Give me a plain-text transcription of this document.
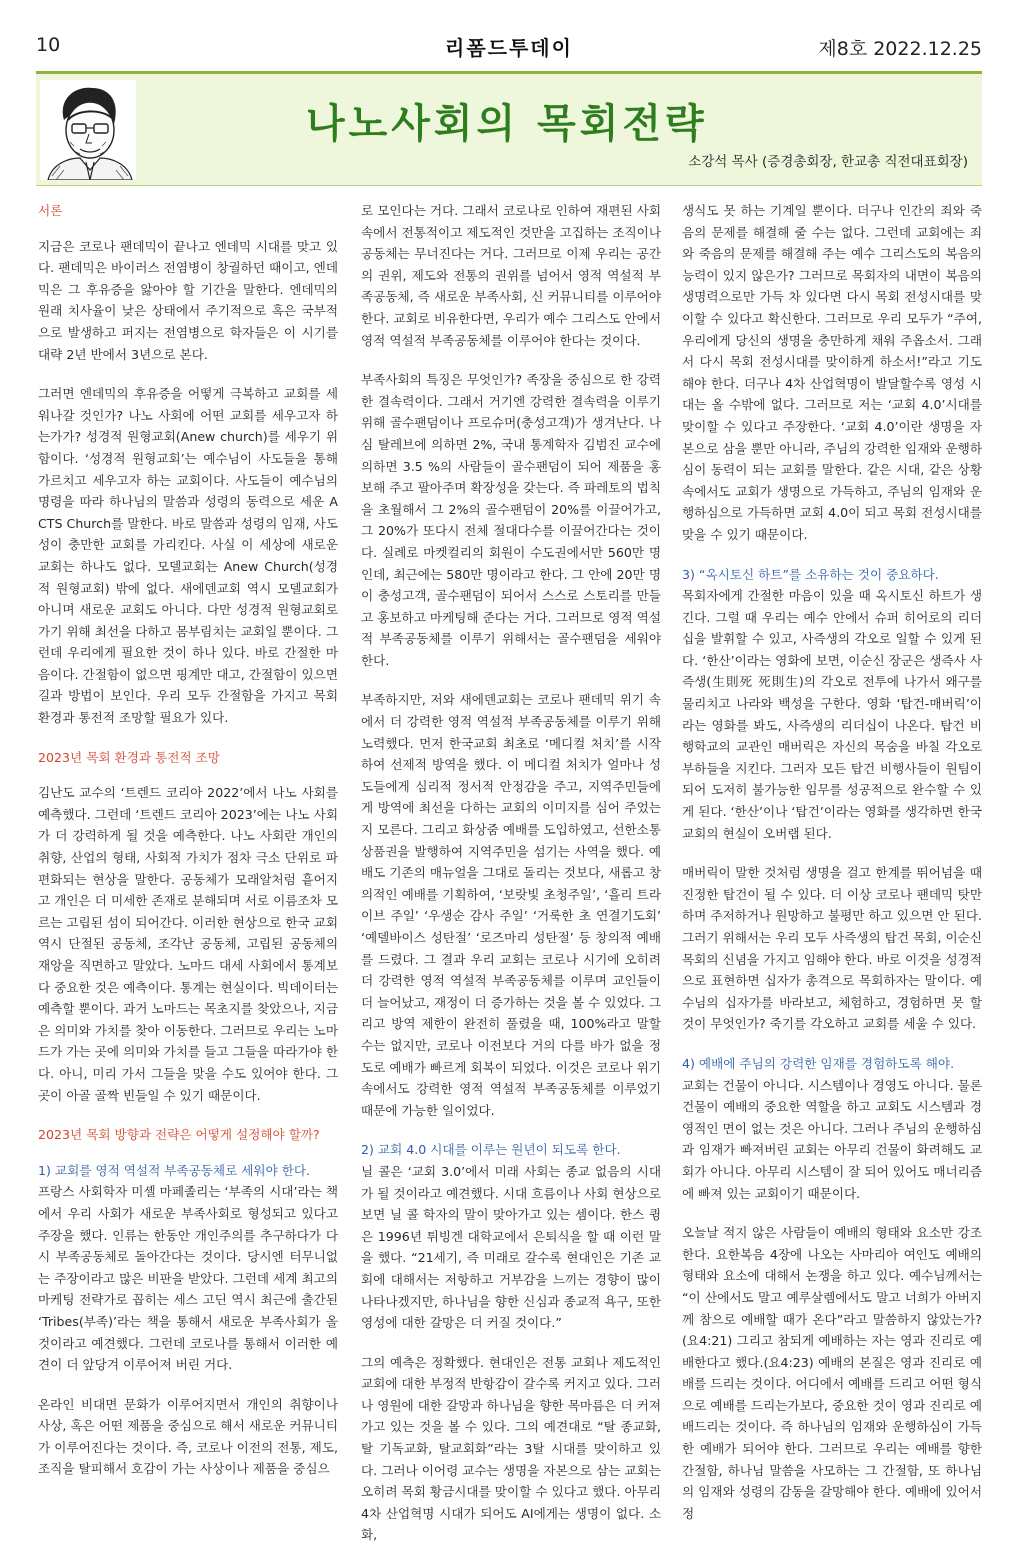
10	리폼드투데이	제8호 2022.12.25
나노사회의 목회전략
소강석 목사 (증경총회장, 한교총 직전대표회장)

서론

지금은 코로나 팬데믹이 끝나고 엔데믹 시대를 맞고 있다. 팬데믹은 바이러스 전염병이 창궐하던 때이고, 엔데믹은 그 후유증을 앓아야 할 기간을 말한다. 엔데믹의 원래 치사율이 낮은 상태에서 주기적으로 혹은 국부적으로 발생하고 퍼지는 전염병으로 학자들은 이 시기를 대략 2년 반에서 3년으로 본다.

그러면 엔데믹의 후유증을 어떻게 극복하고 교회를 세워나갈 것인가? 나노 사회에 어떤 교회를 세우고자 하는가가? 성경적 원형교회(Anew church)를 세우기 위함이다. ‘성경적 원형교회’는 예수님이 사도들을 통해 가르치고 세우고자 하는 교회이다. 사도들이 예수님의 명령을 따라 하나님의 말씀과 성령의 동력으로 세운 ACTS Church를 말한다. 바로 말씀과 성령의 임재, 사도성이 충만한 교회를 가리킨다. 사실 이 세상에 새로운 교회는 하나도 없다. 모델교회는 Anew Church(성경적 원형교회) 밖에 없다. 새에덴교회 역시 모델교회가 아니며 새로운 교회도 아니다. 다만 성경적 원형교회로 가기 위해 최선을 다하고 몸부림치는 교회일 뿐이다. 그런데 우리에게 필요한 것이 하나 있다. 바로 간절한 마음이다. 간절함이 없으면 핑계만 대고, 간절함이 있으면 길과 방법이 보인다. 우리 모두 간절함을 가지고 목회 환경과 통전적 조망할 필요가 있다.

2023년 목회 환경과 통전적 조망

김난도 교수의 ‘트렌드 코리아 2022’에서 나노 사회를 예측했다. 그런데 ‘트렌드 코리아 2023’에는 나노 사회가 더 강력하게 될 것을 예측한다. 나노 사회란 개인의 취향, 산업의 형태, 사회적 가치가 점차 극소 단위로 파편화되는 현상을 말한다. 공동체가 모래알처럼 흩어지고 개인은 더 미세한 존재로 분해되며 서로 이름조차 모르는 고립된 섬이 되어간다. 이러한 현상으로 한국 교회 역시 단절된 공동체, 조각난 공동체, 고립된 공동체의 재앙을 직면하고 말았다. 노마드 대세 사회에서 통계보다 중요한 것은 예측이다. 통계는 현실이다. 빅데이터는 예측할 뿐이다. 과거 노마드는 목초지를 찾았으나, 지금은 의미와 가치를 찾아 이동한다. 그러므로 우리는 노마드가 가는 곳에 의미와 가치를 들고 그들을 따라가야 한다. 아니, 미리 가서 그들을 맞을 수도 있어야 한다. 그곳이 아골 골짝 빈들일 수 있기 때문이다.

2023년 목회 방향과 전략은 어떻게 설정해야 할까?

1) 교회를 영적 역설적 부족공동체로 세워야 한다.

프랑스 사회학자 미셸 마페졸리는 ‘부족의 시대’라는 책에서 우리 사회가 새로운 부족사회로 형성되고 있다고 주장을 했다. 인류는 한동안 개인주의를 추구하다가 다시 부족공동체로 돌아간다는 것이다. 당시엔 터무니없는 주장이라고 많은 비판을 받았다. 그런데 세계 최고의 마케팅 전략가로 꼽히는 세스 고딘 역시 최근에 출간된 ‘Tribes(부족)’라는 책을 통해서 새로운 부족사회가 올 것이라고 예견했다. 그런데 코로나를 통해서 이러한 예견이 더 앞당겨 이루어져 버린 거다.

온라인 비대면 문화가 이루어지면서 개인의 취향이나 사상, 혹은 어떤 제품을 중심으로 해서 새로운 커뮤니티가 이루어진다는 것이다. 즉, 코로나 이전의 전통, 제도, 조직을 탈피해서 호감이 가는 사상이나 제품을 중심으

로 모인다는 거다. 그래서 코로나로 인하여 재편된 사회 속에서 전통적이고 제도적인 것만을 고집하는 조직이나 공동체는 무너진다는 거다. 그러므로 이제 우리는 공간의 권위, 제도와 전통의 권위를 넘어서 영적 역설적 부족공동체, 즉 새로운 부족사회, 신 커뮤니티를 이루어야 한다. 교회로 비유한다면, 우리가 예수 그리스도 안에서 영적 역설적 부족공동체를 이루어야 한다는 것이다.

부족사회의 특징은 무엇인가? 족장을 중심으로 한 강력한 결속력이다. 그래서 거기엔 강력한 결속력을 이루기 위해 골수팬덤이나 프로슈머(충성고객)가 생겨난다. 나심 탈레브에 의하면 2%, 국내 통계학자 김범진 교수에 의하면 3.5 %의 사람들이 골수팬덤이 되어 제품을 홍보해 주고 팔아주며 확장성을 갖는다. 즉 파레토의 법칙을 초월해서 그 2%의 골수팬덤이 20%를 이끌어가고, 그 20%가 또다시 전체 절대다수를 이끌어간다는 것이다. 실례로 마켓컬리의 회원이 수도권에서만 560만 명인데, 최근에는 580만 명이라고 한다. 그 안에 20만 명이 충성고객, 골수팬덤이 되어서 스스로 스토리를 만들고 홍보하고 마케팅해 준다는 거다. 그러므로 영적 역설적 부족공동체를 이루기 위해서는 골수팬덤을 세워야 한다.

부족하지만, 저와 새에덴교회는 코로나 팬데믹 위기 속에서 더 강력한 영적 역설적 부족공동체를 이루기 위해 노력했다. 먼저 한국교회 최초로 ‘메디컬 처치’를 시작하여 선제적 방역을 했다. 이 메디컬 처치가 얼마나 성도들에게 심리적 정서적 안정감을 주고, 지역주민들에게 방역에 최선을 다하는 교회의 이미지를 심어 주었는지 모른다. 그리고 화상줌 예배를 도입하였고, 선한소통상품권을 발행하여 지역주민을 섬기는 사역을 했다. 예배도 기존의 매뉴얼을 그대로 돌리는 것보다, 새롭고 창의적인 예배를 기획하여, ‘보랏빛 초청주일’, ‘흘리 트라이브 주일’ ‘우생순 감사 주일’ ‘거룩한 초 연결기도회’ ‘예델바이스 성탄절’ ‘로즈마리 성탄절’ 등 창의적 예배를 드렸다. 그 결과 우리 교회는 코로나 시기에 오히려 더 강력한 영적 역설적 부족공동체를 이루며 교인들이 더 늘어났고, 재정이 더 증가하는 것을 볼 수 있었다. 그리고 방역 제한이 완전히 풀렸을 때, 100%라고 말할 수는 없지만, 코로나 이전보다 거의 다를 바가 없을 정도로 예배가 빠르게 회복이 되었다. 이것은 코로나 위기 속에서도 강력한 영적 역설적 부족공동체를 이루었기 때문에 가능한 일이었다.

2) 교회 4.0 시대를 이루는 원년이 되도록 한다.

닐 콜은 ‘교회 3.0’에서 미래 사회는 종교 없음의 시대가 될 것이라고 예견했다. 시대 흐름이나 사회 현상으로 보면 닐 콜 학자의 말이 맞아가고 있는 셈이다. 한스 큉은 1996년 튀빙겐 대학교에서 은퇴식을 할 때 이런 말을 했다. “21세기, 즉 미래로 갈수록 현대인은 기존 교회에 대해서는 저항하고 거부감을 느끼는 경향이 많이 나타나겠지만, 하나님을 향한 신심과 종교적 욕구, 또한 영성에 대한 갈망은 더 커질 것이다.”

그의 예측은 정확했다. 현대인은 전통 교회나 제도적인 교회에 대한 부정적 반항감이 갈수록 커지고 있다. 그러나 영원에 대한 갈망과 하나님을 향한 목마름은 더 커져가고 있는 것을 볼 수 있다. 그의 예견대로 “탈 종교화, 탈 기독교화, 탈교회화”라는 3탈 시대를 맞이하고 있다. 그러나 이어령 교수는 생명을 자본으로 삼는 교회는 오히려 목회 황금시대를 맞이할 수 있다고 했다. 아무리 4차 산업혁명 시대가 되어도 AI에게는 생명이 없다. 소화,

생식도 못 하는 기계일 뿐이다. 더구나 인간의 죄와 죽음의 문제를 해결해 줄 수는 없다. 그런데 교회에는 죄와 죽음의 문제를 해결해 주는 예수 그리스도의 복음의 능력이 있지 않은가? 그러므로 목회자의 내면이 복음의 생명력으로만 가득 차 있다면 다시 목회 전성시대를 맞이할 수 있다고 확신한다. 그러므로 우리 모두가 “주여, 우리에게 당신의 생명을 충만하게 채워 주옵소서. 그래서 다시 목회 전성시대를 맞이하게 하소서!”라고 기도해야 한다. 더구나 4차 산업혁명이 발달할수록 영성 시대는 올 수밖에 없다. 그러므로 저는 ‘교회 4.0’시대를 맞이할 수 있다고 주장한다. ‘교회 4.0’이란 생명을 자본으로 삼을 뿐만 아니라, 주님의 강력한 임재와 운행하심이 동력이 되는 교회를 말한다. 같은 시대, 같은 상황 속에서도 교회가 생명으로 가득하고, 주님의 임재와 운행하심으로 가득하면 교회 4.0이 되고 목회 전성시대를 맞을 수 있기 때문이다.

3) “옥시토신 하트”를 소유하는 것이 중요하다.

목회자에게 간절한 마음이 있을 때 옥시토신 하트가 생긴다. 그럴 때 우리는 예수 안에서 슈퍼 히어로의 리더십을 발휘할 수 있고, 사즉생의 각오로 일할 수 있게 된다. ‘한산’이라는 영화에 보면, 이순신 장군은 생즉사 사즉생(生則死 死則生)의 각오로 전투에 나가서 왜구를 물리치고 나라와 백성을 구한다. 영화 ‘탑건-매버릭’이라는 영화를 봐도, 사즉생의 리더십이 나온다. 탑건 비행학교의 교관인 매버릭은 자신의 목숨을 바칠 각오로 부하들을 지킨다. 그러자 모든 탑건 비행사들이 원팀이 되어 도저히 불가능한 임무를 성공적으로 완수할 수 있게 된다. ‘한산’이나 ‘탑건’이라는 영화를 생각하면 한국 교회의 현실이 오버랩 된다.

매버릭이 말한 것처럼 생명을 걸고 한계를 뛰어넘을 때 진정한 탑건이 될 수 있다. 더 이상 코로나 팬데믹 탓만 하며 주저하거나 원망하고 불평만 하고 있으면 안 된다. 그러기 위해서는 우리 모두 사즉생의 탑건 목회, 이순신 목회의 신념을 가지고 임해야 한다. 바로 이것을 성경적으로 표현하면 십자가 총격으로 목회하자는 말이다. 예수님의 십자가를 바라보고, 체험하고, 경험하면 못 할 것이 무엇인가? 죽기를 각오하고 교회를 세울 수 있다.

4) 예배에 주님의 강력한 임재를 경험하도록 해야.

교회는 건물이 아니다. 시스템이나 경영도 아니다. 물론 건물이 예배의 중요한 역할을 하고 교회도 시스템과 경영적인 면이 없는 것은 아니다. 그러나 주님의 운행하심과 임재가 빠져버린 교회는 아무리 건물이 화려해도 교회가 아니다. 아무리 시스템이 잘 되어 있어도 매너리즘에 빠져 있는 교회이기 때문이다.

오늘날 적지 않은 사람들이 예배의 형태와 요소만 강조한다. 요한복음 4장에 나오는 사마리아 여인도 예배의 형태와 요소에 대해서 논쟁을 하고 있다. 예수님께서는 “이 산에서도 말고 예루살렘에서도 말고 너희가 아버지께 참으로 예배할 때가 온다”라고 말씀하지 않았는가?(요4:21) 그리고 참되게 예배하는 자는 영과 진리로 예배한다고 했다.(요4:23) 예배의 본질은 영과 진리로 예배를 드리는 것이다. 어디에서 예배를 드리고 어떤 형식으로 예배를 드리는가보다, 중요한 것이 영과 진리로 예배드리는 것이다. 즉 하나님의 임재와 운행하심이 가득한 예배가 되어야 한다. 그러므로 우리는 예배를 향한 간절함, 하나님 말씀을 사모하는 그 간절함, 또 하나님의 임재와 성령의 감동을 갈망해야 한다. 예배에 있어서 정
